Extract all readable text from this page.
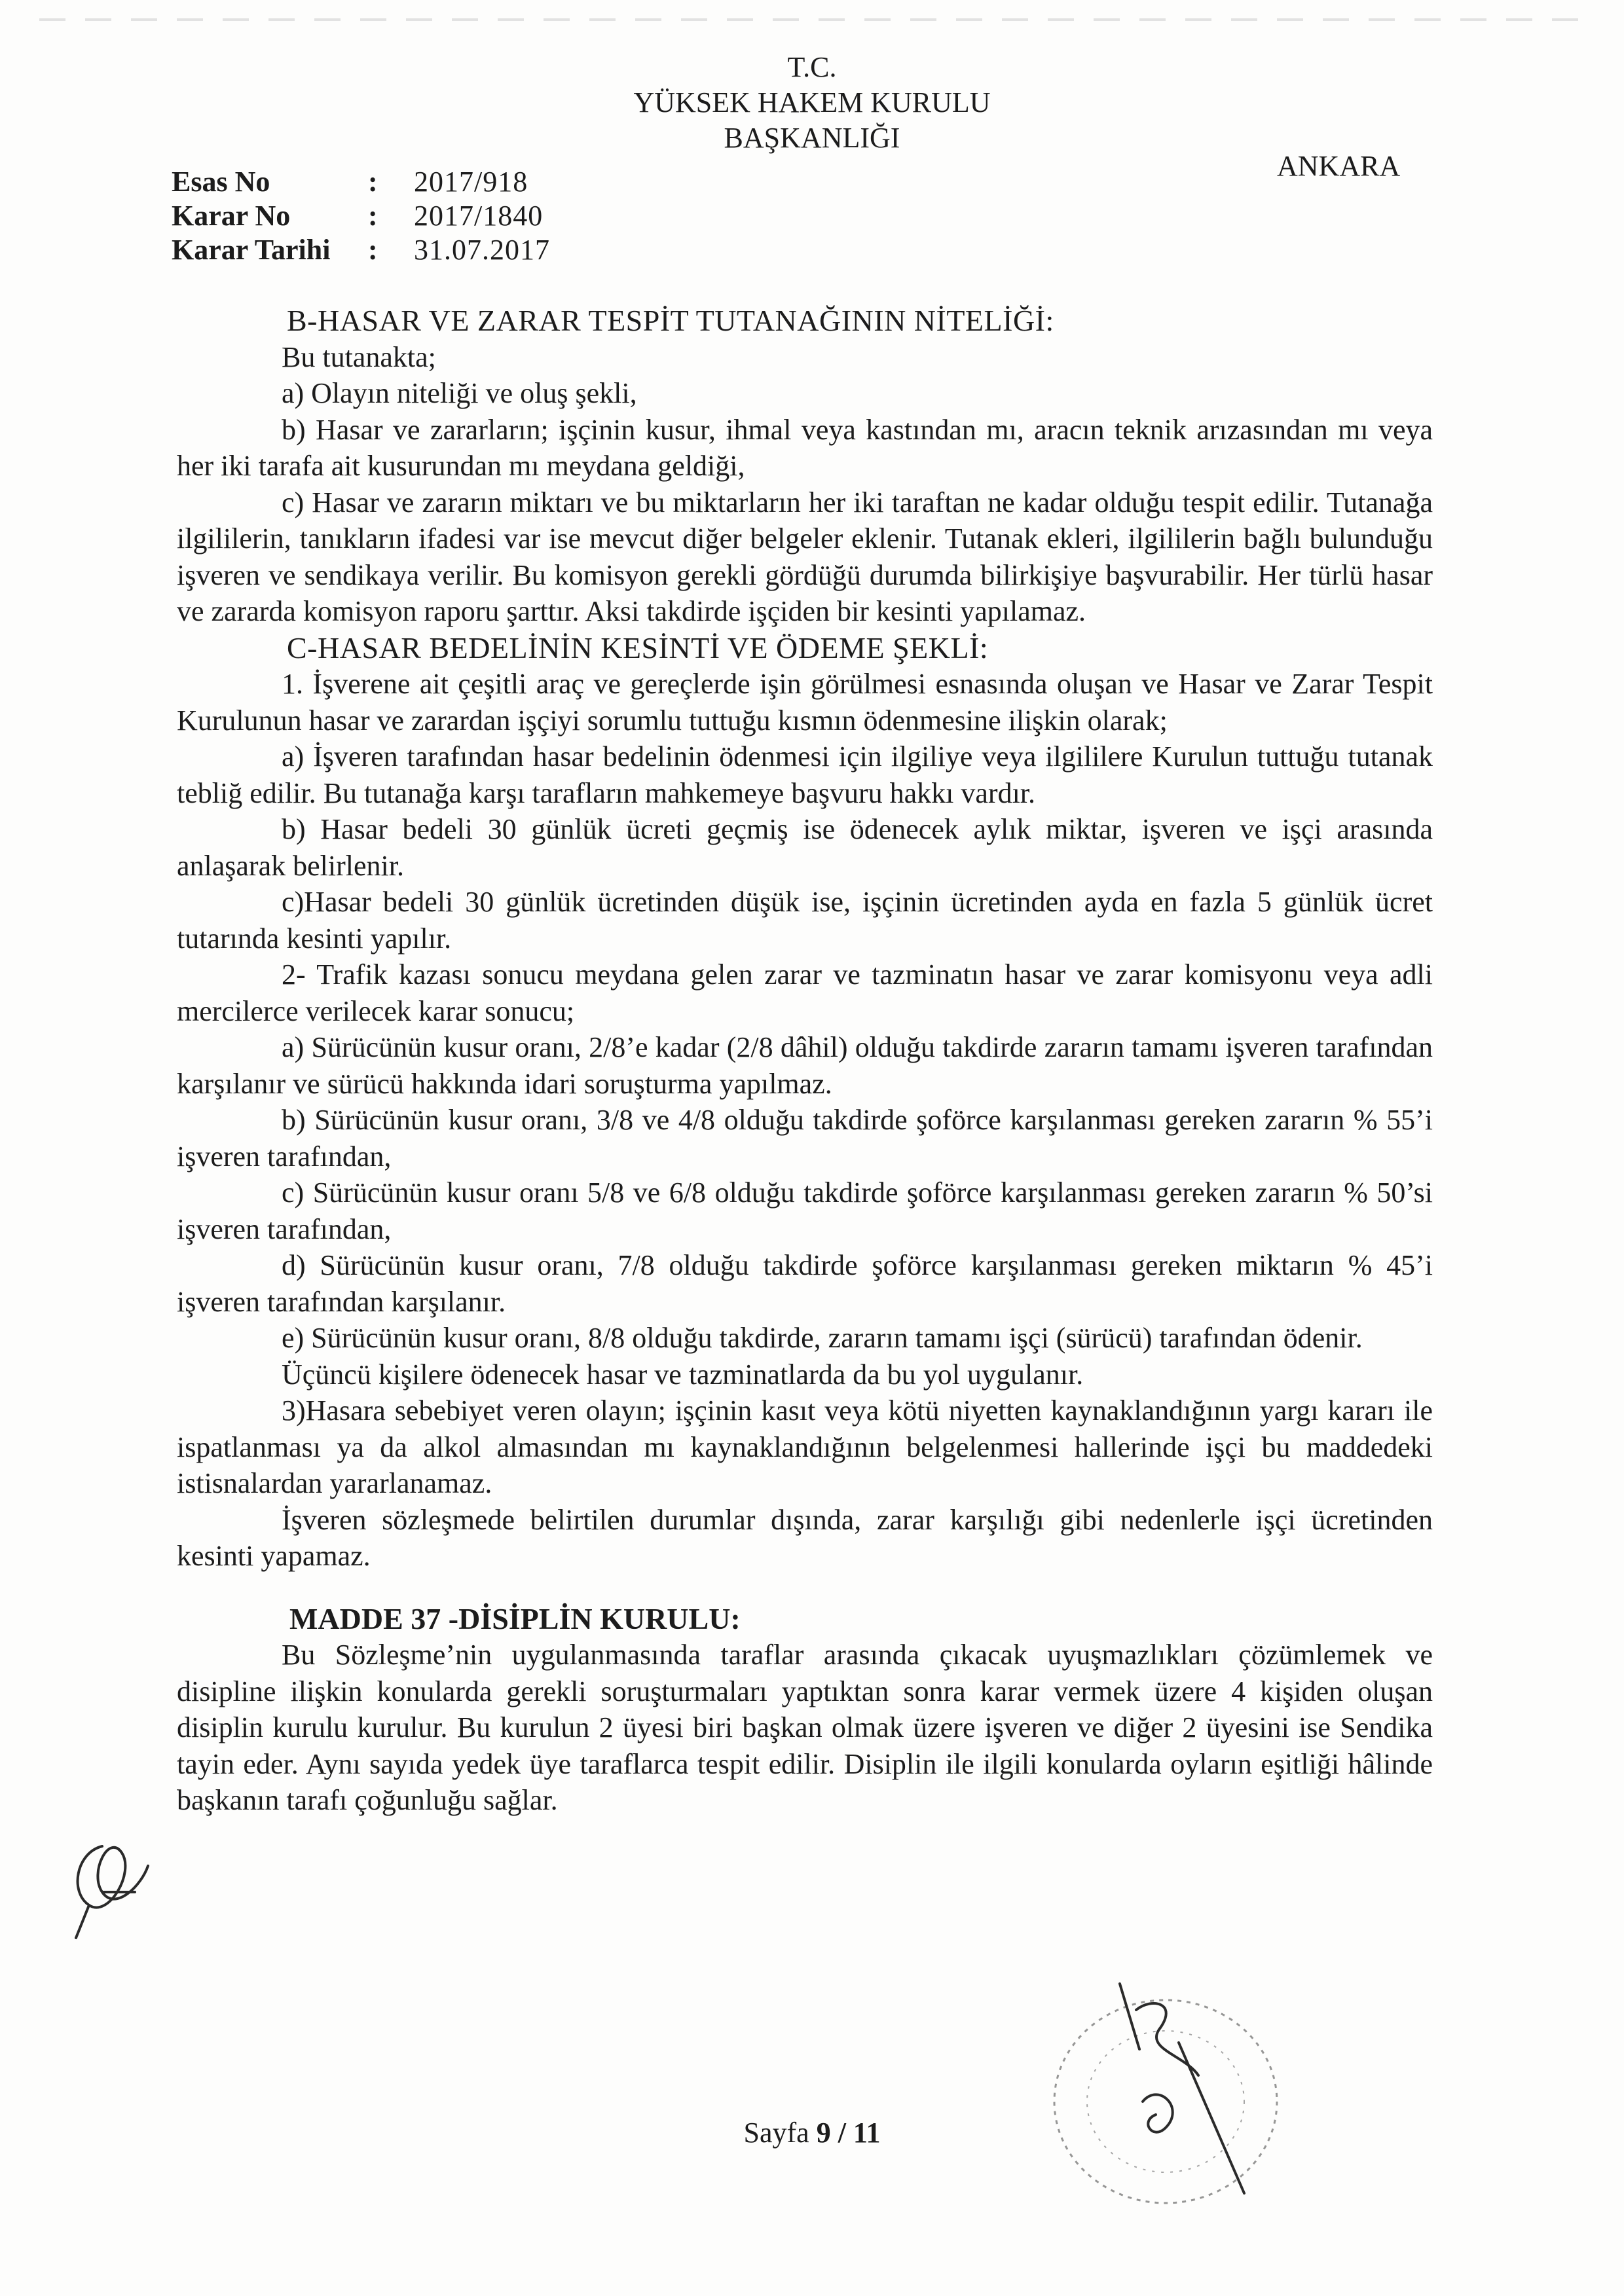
T.C.
YÜKSEK HAKEM KURULU
BAŞKANLIĞI
ANKARA
Esas No	:	2017/918
Karar No	:	2017/1840
Karar Tarihi	:	31.07.2017

B-HASAR VE ZARAR TESPİT TUTANAĞININ NİTELİĞİ:

Bu tutanakta;

a) Olayın niteliği ve oluş şekli,

b) Hasar ve zararların; işçinin kusur, ihmal veya kastından mı, aracın teknik arızasından mı veya her iki tarafa ait kusurundan mı meydana geldiği,

c) Hasar ve zararın miktarı ve bu miktarların her iki taraftan ne kadar olduğu tespit edilir. Tutanağa ilgililerin, tanıkların ifadesi var ise mevcut diğer belgeler eklenir. Tutanak ekleri, ilgililerin bağlı bulunduğu işveren ve sendikaya verilir. Bu komisyon gerekli gördüğü durumda bilirkişiye başvurabilir. Her türlü hasar ve zararda komisyon raporu şarttır. Aksi takdirde işçiden bir kesinti yapılamaz.

C-HASAR BEDELİNİN KESİNTİ VE ÖDEME ŞEKLİ:

1. İşverene ait çeşitli araç ve gereçlerde işin görülmesi esnasında oluşan ve Hasar ve Zarar Tespit Kurulunun hasar ve zarardan işçiyi sorumlu tuttuğu kısmın ödenmesine ilişkin olarak;

a) İşveren tarafından hasar bedelinin ödenmesi için ilgiliye veya ilgililere Kurulun tuttuğu tutanak tebliğ edilir. Bu tutanağa karşı tarafların mahkemeye başvuru hakkı vardır.

b) Hasar bedeli 30 günlük ücreti geçmiş ise ödenecek aylık miktar, işveren ve işçi arasında anlaşarak belirlenir.

c)Hasar bedeli 30 günlük ücretinden düşük ise, işçinin ücretinden ayda en fazla 5 günlük ücret tutarında kesinti yapılır.

2- Trafik kazası sonucu meydana gelen zarar ve tazminatın hasar ve zarar komisyonu veya adli mercilerce verilecek karar sonucu;

a) Sürücünün kusur oranı, 2/8’e kadar (2/8 dâhil) olduğu takdirde zararın tamamı işveren tarafından karşılanır ve sürücü hakkında idari soruşturma yapılmaz.

b) Sürücünün kusur oranı, 3/8 ve 4/8 olduğu takdirde şoförce karşılanması gereken zararın % 55’i işveren tarafından,

c) Sürücünün kusur oranı 5/8 ve 6/8 olduğu takdirde şoförce karşılanması gereken zararın % 50’si işveren tarafından,

d) Sürücünün kusur oranı, 7/8 olduğu takdirde şoförce karşılanması gereken miktarın % 45’i işveren tarafından karşılanır.

e) Sürücünün kusur oranı, 8/8 olduğu takdirde, zararın tamamı işçi (sürücü) tarafından ödenir.

Üçüncü kişilere ödenecek hasar ve tazminatlarda da bu yol uygulanır.

3)Hasara sebebiyet veren olayın; işçinin kasıt veya kötü niyetten kaynaklandığının yargı kararı ile ispatlanması ya da alkol almasından mı kaynaklandığının belgelenmesi hallerinde işçi bu maddedeki istisnalardan yararlanamaz.

İşveren sözleşmede belirtilen durumlar dışında, zarar karşılığı gibi nedenlerle işçi ücretinden kesinti yapamaz.

MADDE 37 -DİSİPLİN KURULU:

Bu Sözleşme’nin uygulanmasında taraflar arasında çıkacak uyuşmazlıkları çözümlemek ve disipline ilişkin konularda gerekli soruşturmaları yaptıktan sonra karar vermek üzere 4 kişiden oluşan disiplin kurulu kurulur. Bu kurulun 2 üyesi biri başkan olmak üzere işveren ve diğer 2 üyesini ise Sendika tayin eder. Aynı sayıda yedek üye taraflarca tespit edilir. Disiplin ile ilgili konularda oyların eşitliği hâlinde başkanın tarafı çoğunluğu sağlar.

Sayfa 9 / 11
